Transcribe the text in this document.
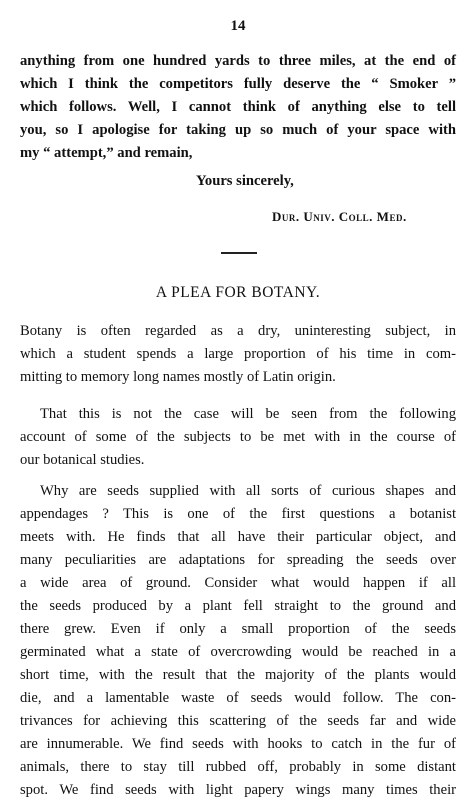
14

anything from one hundred yards to three miles, at the end of
which I think the competitors fully deserve the “ Smoker ”
which follows. Well, I cannot think of anything else to tell
you, so I apologise for taking up so much of your space with
my “ attempt,” and remain,

Yours sincerely,
Dur. Univ. Coll. Med.
A PLEA FOR BOTANY.

Botany is often regarded as a dry, uninteresting subject, in
which a student spends a large proportion of his time in com-
mitting to memory long names mostly of Latin origin.

That this is not the case will be seen from the following
account of some of the subjects to be met with in the course of
our botanical studies.

Why are seeds supplied with all sorts of curious shapes and
appendages ? This is one of the first questions a botanist
meets with. He finds that all have their particular object, and
many peculiarities are adaptations for spreading the seeds over
a wide area of ground. Consider what would happen if all
the seeds produced by a plant fell straight to the ground and
there grew. Even if only a small proportion of the seeds
germinated what a state of overcrowding would be reached in a
short time, with the result that the majority of the plants would
die, and a lamentable waste of seeds would follow. The con-
trivances for achieving this scattering of the seeds far and wide
are innumerable. We find seeds with hooks to catch in the fur of
animals, there to stay till rubbed off, probably in some distant
spot. We find seeds with light papery wings many times their
